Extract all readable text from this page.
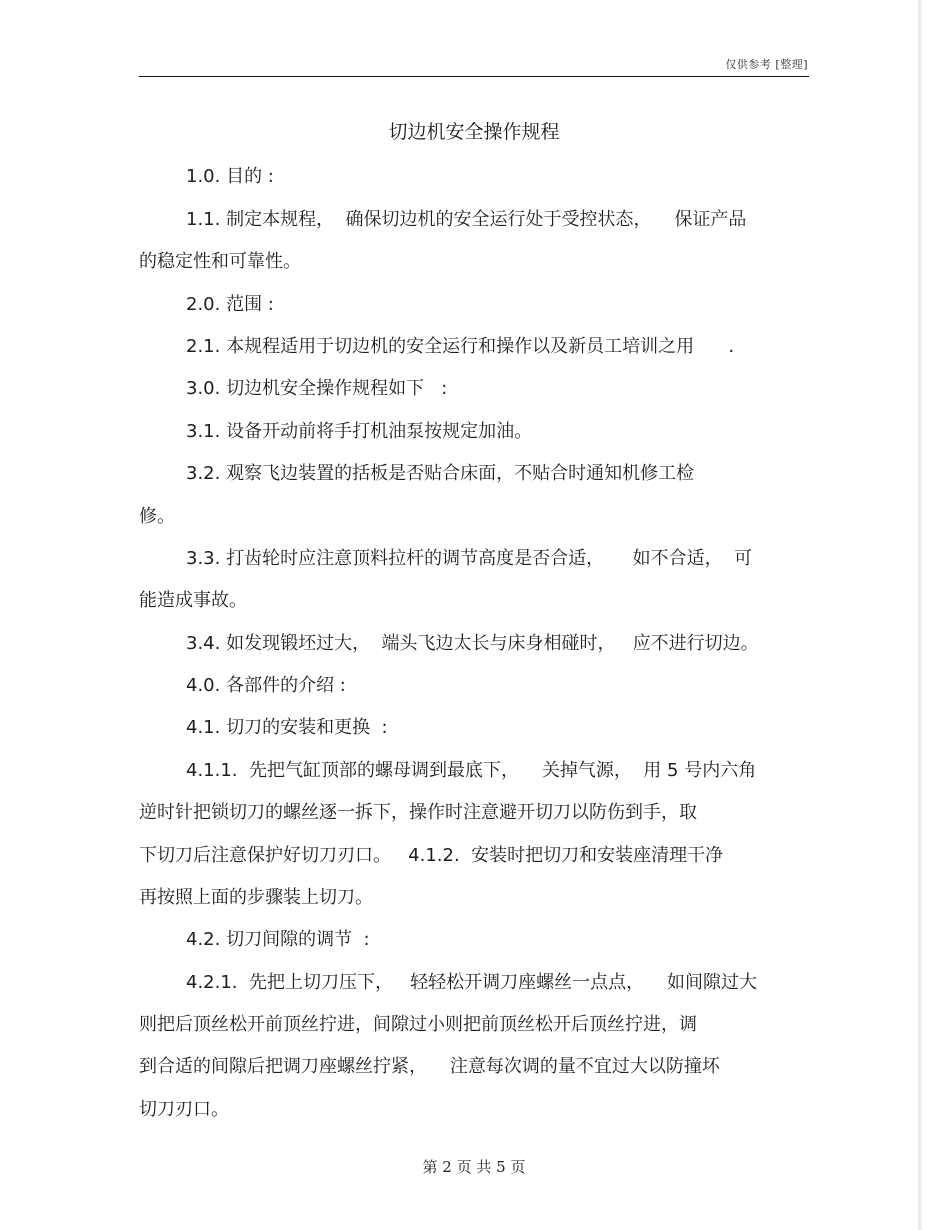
仅供参考 [整理]
切边机安全操作规程
1.0. 目的 :
1.1. 制定本规程，  确保切边机的安全运行处于受控状态，    保证产品
的稳定性和可靠性。
2.0. 范围 :
2.1. 本规程适用于切边机的安全运行和操作以及新员工培训之用      .
3.0. 切边机安全操作规程如下   :
3.1. 设备开动前将手打机油泵按规定加油。
3.2. 观察飞边装置的括板是否贴合床面，不贴合时通知机修工检
修。
3.3. 打齿轮时应注意顶料拉杆的调节高度是否合适，     如不合适，  可
能造成事故。
3.4. 如发现锻坯过大，  端头飞边太长与床身相碰时，   应不进行切边。
4.0. 各部件的介绍 :
4.1. 切刀的安装和更换  :
4.1.1.  先把气缸顶部的螺母调到最底下，    关掉气源，  用 5 号内六角
逆时针把锁切刀的螺丝逐一拆下，操作时注意避开切刀以防伤到手，取
下切刀后注意保护好切刀刃口。   4.1.2.  安装时把切刀和安装座清理干净
再按照上面的步骤装上切刀。
4.2. 切刀间隙的调节  :
4.2.1.  先把上切刀压下，   轻轻松开调刀座螺丝一点点，    如间隙过大
则把后顶丝松开前顶丝拧进，间隙过小则把前顶丝松开后顶丝拧进，调
到合适的间隙后把调刀座螺丝拧紧，    注意每次调的量不宜过大以防撞坏
切刀刃口。
第 2 页 共 5 页
